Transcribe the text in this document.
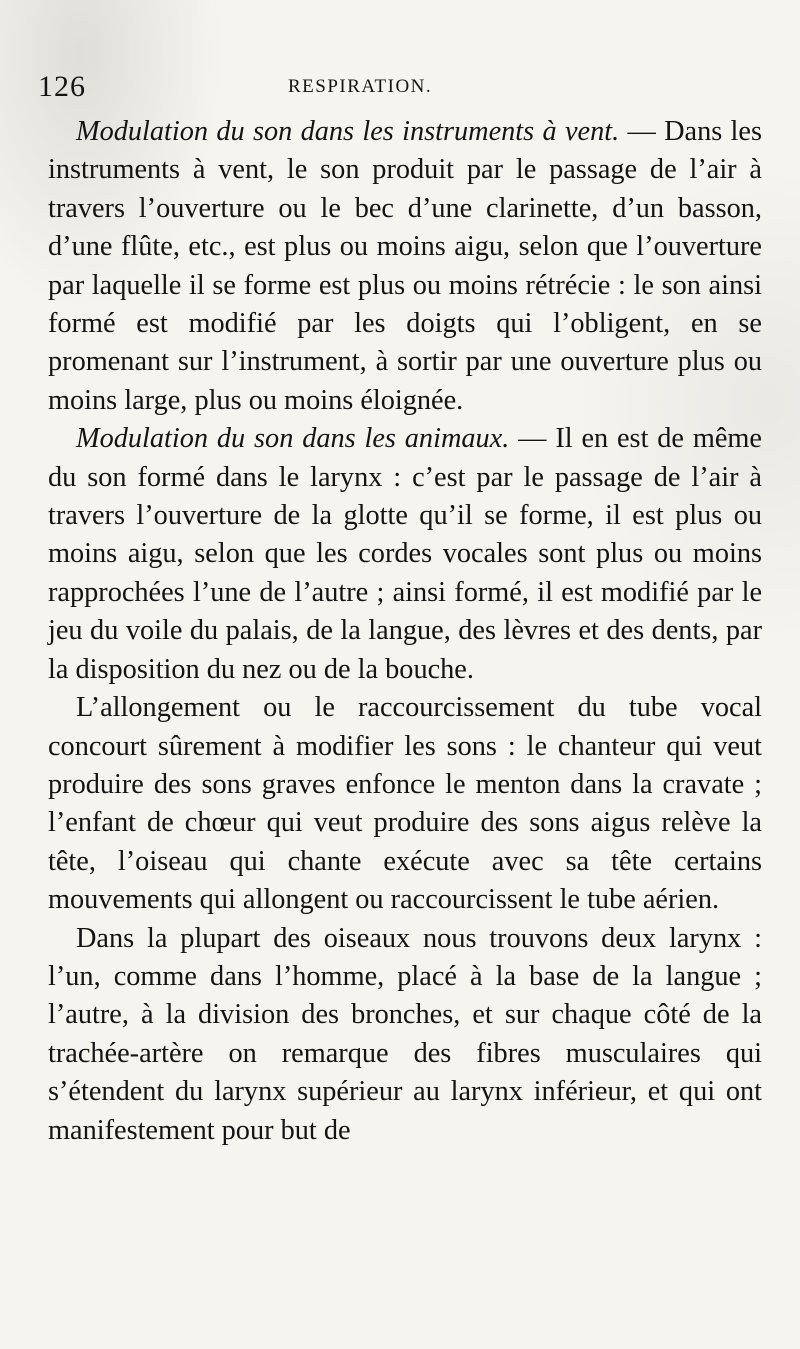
126	RESPIRATION.

Modulation du son dans les instruments à vent. — Dans les instruments à vent, le son produit par le passage de l’air à travers l’ouverture ou le bec d’une clarinette, d’un basson, d’une flûte, etc., est plus ou moins aigu, selon que l’ouverture par laquelle il se forme est plus ou moins rétrécie : le son ainsi formé est modifié par les doigts qui l’obligent, en se promenant sur l’instrument, à sortir par une ouverture plus ou moins large, plus ou moins éloignée.

Modulation du son dans les animaux. — Il en est de même du son formé dans le larynx : c’est par le passage de l’air à travers l’ouverture de la glotte qu’il se forme, il est plus ou moins aigu, selon que les cordes vocales sont plus ou moins rapprochées l’une de l’autre ; ainsi formé, il est modifié par le jeu du voile du palais, de la langue, des lèvres et des dents, par la disposition du nez ou de la bouche.

L’allongement ou le raccourcissement du tube vocal concourt sûrement à modifier les sons : le chanteur qui veut produire des sons graves enfonce le menton dans la cravate ; l’enfant de chœur qui veut produire des sons aigus relève la tête, l’oiseau qui chante exécute avec sa tête certains mouvements qui allongent ou raccourcissent le tube aérien.

Dans la plupart des oiseaux nous trouvons deux larynx : l’un, comme dans l’homme, placé à la base de la langue ; l’autre, à la division des bronches, et sur chaque côté de la trachée-artère on remarque des fibres musculaires qui s’étendent du larynx supérieur au larynx inférieur, et qui ont manifestement pour but de
